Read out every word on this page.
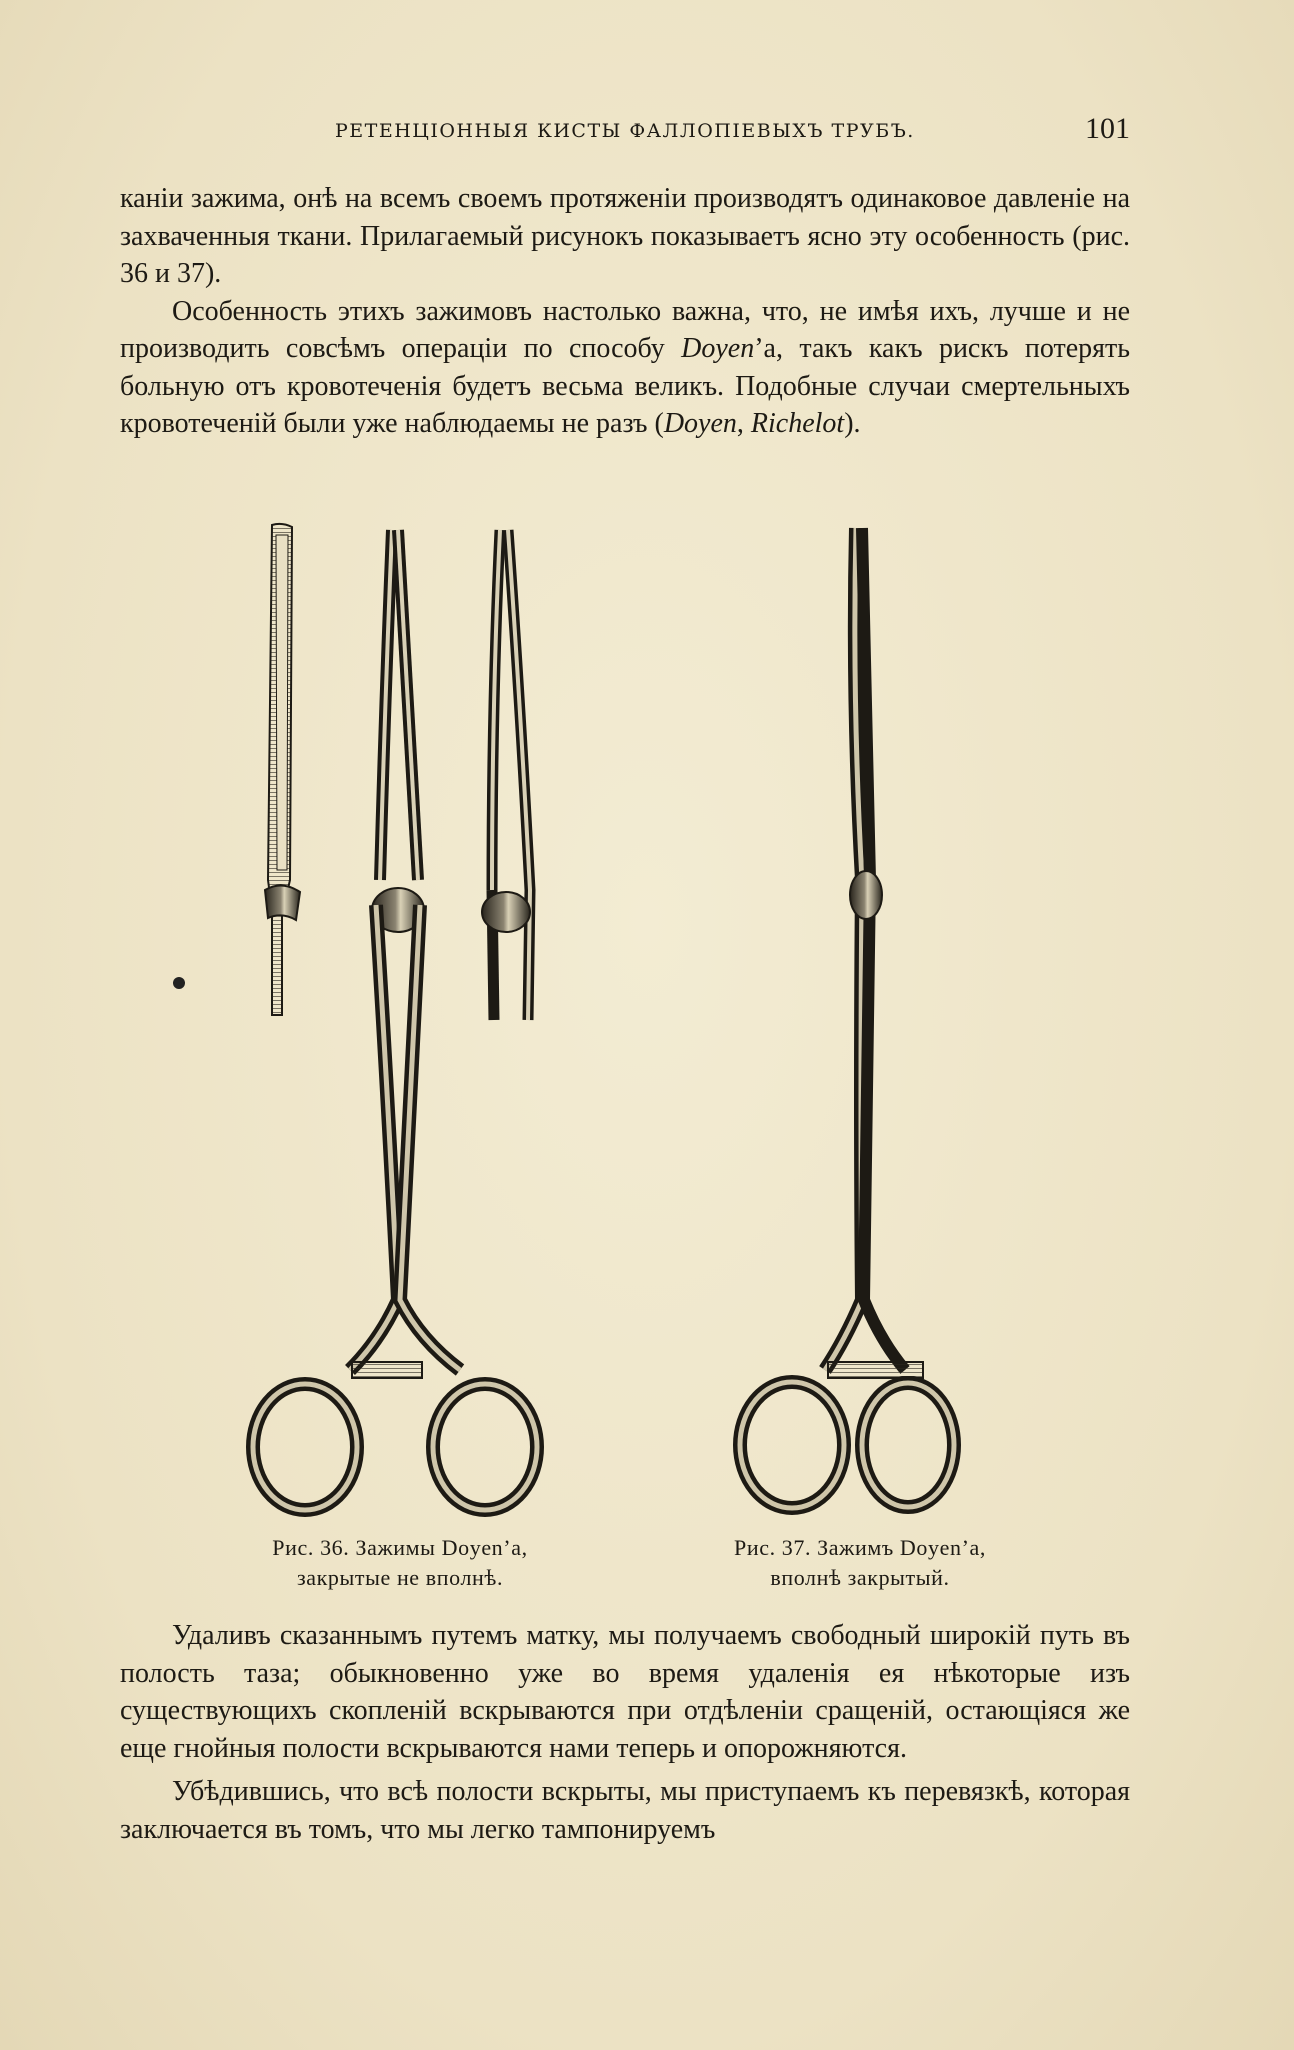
РЕТЕНЦІОННЫЯ КИСТЫ ФАЛЛОПІЕВЫХЪ ТРУБЪ.	101

каніи зажима, онѣ на всемъ своемъ протяженіи производятъ одинаковое давленіе на захваченныя ткани. Прилагаемый рисунокъ показываетъ ясно эту особенность (рис. 36 и 37).

Особенность этихъ зажимовъ настолько важна, что, не имѣя ихъ, лучше и не производить совсѣмъ операціи по способу Doyen’а, такъ какъ рискъ потерять больную отъ кровотеченія будетъ весьма великъ. Подобные случаи смертельныхъ кровотеченій были уже наблюдаемы не разъ (Doyen, Richelot).

Рис. 36. Зажимы Doyen’a,
закрытые не вполнѣ.
Рис. 37. Зажимъ Doyen’a,
вполнѣ закрытый.

Удаливъ сказаннымъ путемъ матку, мы получаемъ свободный широкій путь въ полость таза; обыкновенно уже во время удаленія ея нѣкоторые изъ существующихъ скопленій вскрываются при отдѣленіи сращеній, остающіяся же еще гнойныя полости вскрываются нами теперь и опорожняются.

Убѣдившись, что всѣ полости вскрыты, мы приступаемъ къ перевязкѣ, которая заключается въ томъ, что мы легко тампонируемъ
